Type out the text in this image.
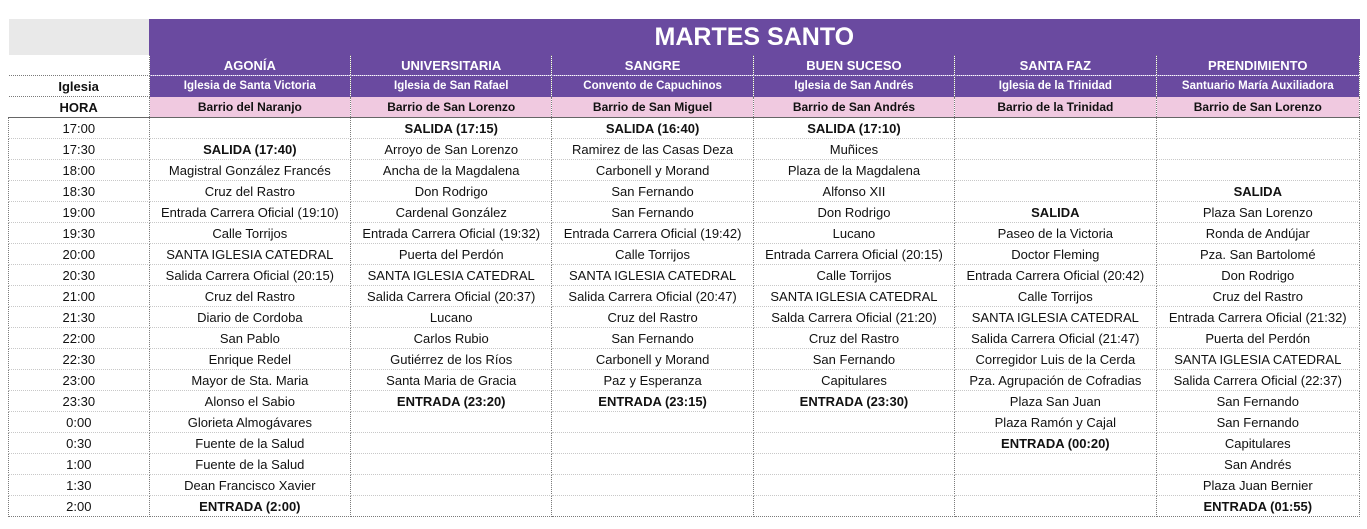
	MARTES SANTO					
	AGONÍA	UNIVERSITARIA	SANGRE	BUEN SUCESO	SANTA FAZ	PRENDIMIENTO
Iglesia	Iglesia de Santa Victoria	Iglesia de San Rafael	Convento de Capuchinos	Iglesia de San Andrés	Iglesia de la Trinidad	Santuario María Auxiliadora
HORA	Barrio del Naranjo	Barrio de San Lorenzo	Barrio de San Miguel	Barrio de San Andrés	Barrio de la Trinidad	Barrio de San Lorenzo
17:00		SALIDA (17:15)	SALIDA (16:40)	SALIDA (17:10)		
17:30	SALIDA (17:40)	Arroyo de San Lorenzo	Ramirez de las Casas Deza	Muñices		
18:00	Magistral González Francés	Ancha de la Magdalena	Carbonell y Morand	Plaza de la Magdalena		
18:30	Cruz del Rastro	Don Rodrigo	San Fernando	Alfonso XII		SALIDA
19:00	Entrada Carrera Oficial (19:10)	Cardenal González	San Fernando	Don Rodrigo	SALIDA	Plaza San Lorenzo
19:30	Calle Torrijos	Entrada Carrera Oficial (19:32)	Entrada Carrera Oficial (19:42)	Lucano	Paseo de la Victoria	Ronda de Andújar
20:00	SANTA IGLESIA CATEDRAL	Puerta del Perdón	Calle Torrijos	Entrada Carrera Oficial (20:15)	Doctor Fleming	Pza. San Bartolomé
20:30	Salida Carrera Oficial (20:15)	SANTA IGLESIA CATEDRAL	SANTA IGLESIA CATEDRAL	Calle Torrijos	Entrada Carrera Oficial (20:42)	Don Rodrigo
21:00	Cruz del Rastro	Salida Carrera Oficial (20:37)	Salida Carrera Oficial (20:47)	SANTA IGLESIA CATEDRAL	Calle Torrijos	Cruz del Rastro
21:30	Diario de Cordoba	Lucano	Cruz del Rastro	Salda Carrera Oficial (21:20)	SANTA IGLESIA CATEDRAL	Entrada Carrera Oficial (21:32)
22:00	San Pablo	Carlos Rubio	San Fernando	Cruz del Rastro	Salida Carrera Oficial (21:47)	Puerta del Perdón
22:30	Enrique Redel	Gutiérrez de los Ríos	Carbonell y Morand	San Fernando	Corregidor Luis de la Cerda	SANTA IGLESIA CATEDRAL
23:00	Mayor de Sta. Maria	Santa Maria de Gracia	Paz y Esperanza	Capitulares	Pza. Agrupación de Cofradias	Salida Carrera Oficial (22:37)
23:30	Alonso el Sabio	ENTRADA (23:20)	ENTRADA (23:15)	ENTRADA (23:30)	Plaza San Juan	San Fernando
0:00	Glorieta Almogávares				Plaza Ramón y Cajal	San Fernando
0:30	Fuente de la Salud				ENTRADA (00:20)	Capitulares
1:00	Fuente de la Salud					San Andrés
1:30	Dean Francisco Xavier					Plaza Juan Bernier
2:00	ENTRADA (2:00)					ENTRADA (01:55)
